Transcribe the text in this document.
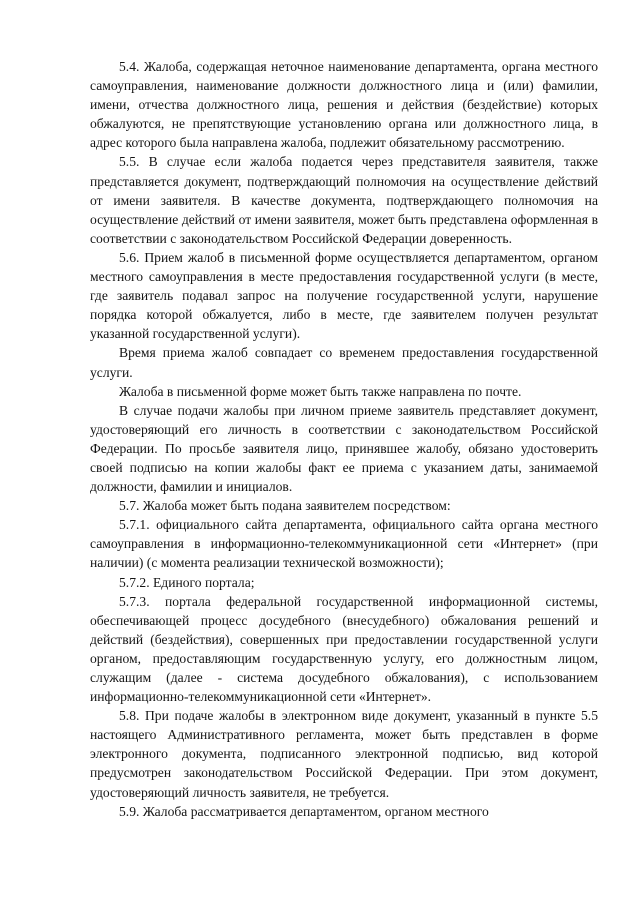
5.4. Жалоба, содержащая неточное наименование департамента, органа местного самоуправления, наименование должности должностного лица и (или) фамилии, имени, отчества должностного лица, решения и действия (бездействие) которых обжалуются, не препятствующие установлению органа или должностного лица, в адрес которого была направлена жалоба, подлежит обязательному рассмотрению.

5.5. В случае если жалоба подается через представителя заявителя, также представляется документ, подтверждающий полномочия на осуществление действий от имени заявителя. В качестве документа, подтверждающего полномочия на осуществление действий от имени заявителя, может быть представлена оформленная в соответствии с законодательством Российской Федерации доверенность.

5.6. Прием жалоб в письменной форме осуществляется департаментом, органом местного самоуправления в месте предоставления государственной услуги (в месте, где заявитель подавал запрос на получение государственной услуги, нарушение порядка которой обжалуется, либо в месте, где заявителем получен результат указанной государственной услуги).

Время приема жалоб совпадает со временем предоставления государственной услуги.

Жалоба в письменной форме может быть также направлена по почте.

В случае подачи жалобы при личном приеме заявитель представляет документ, удостоверяющий его личность в соответствии с законодательством Российской Федерации. По просьбе заявителя лицо, принявшее жалобу, обязано удостоверить своей подписью на копии жалобы факт ее приема с указанием даты, занимаемой должности, фамилии и инициалов.

5.7. Жалоба может быть подана заявителем посредством:

5.7.1. официального сайта департамента, официального сайта органа местного самоуправления в информационно-телекоммуникационной сети «Интернет» (при наличии) (с момента реализации технической возможности);

5.7.2. Единого портала;

5.7.3. портала федеральной государственной информационной системы, обеспечивающей процесс досудебного (внесудебного) обжалования решений и действий (бездействия), совершенных при предоставлении государственной услуги органом, предоставляющим государственную услугу, его должностным лицом, служащим (далее - система досудебного обжалования), с использованием информационно-телекоммуникационной сети «Интернет».

5.8. При подаче жалобы в электронном виде документ, указанный в пункте 5.5 настоящего Административного регламента, может быть представлен в форме электронного документа, подписанного электронной подписью, вид которой предусмотрен законодательством Российской Федерации. При этом документ, удостоверяющий личность заявителя, не требуется.

5.9. Жалоба рассматривается департаментом, органом местного
